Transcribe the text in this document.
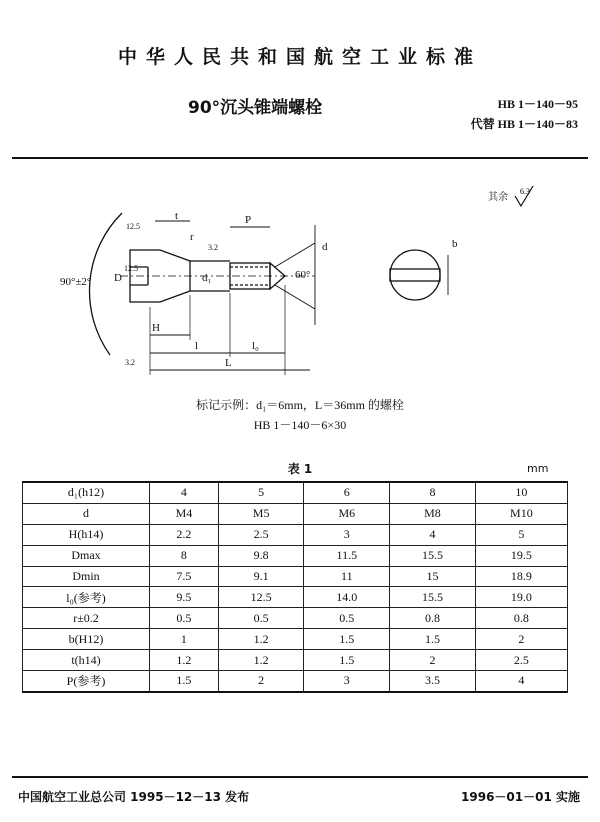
中华人民共和国航空工业标准
90°沉头锥端螺栓	HB 1－140－95
代替 HB 1－140－83
其余
6.3
90°±2°
60°
t	P
r
d
d₁
D
H
l	l₀
L
b
12.5
3.2
12.5
3.2
标记示例：d₁＝6mm，L＝36mm 的螺栓
HB 1－140－6×30
表 1	mm
d₁(h12)	4	5	6	8	10
d	M4	M5	M6	M8	M10
H(h14)	2.2	2.5	3	4	5
Dmax	8	9.8	11.5	15.5	19.5
Dmin	7.5	9.1	11	15	18.9
l₀(参考)	9.5	12.5	14.0	15.5	19.0
r±0.2	0.5	0.5	0.5	0.8	0.8
b(H12)	1	1.2	1.5	1.5	2
t(h14)	1.2	1.2	1.5	2	2.5
P(参考)	1.5	2	3	3.5	4
中国航空工业总公司 1995－12－13 发布	1996－01－01 实施
